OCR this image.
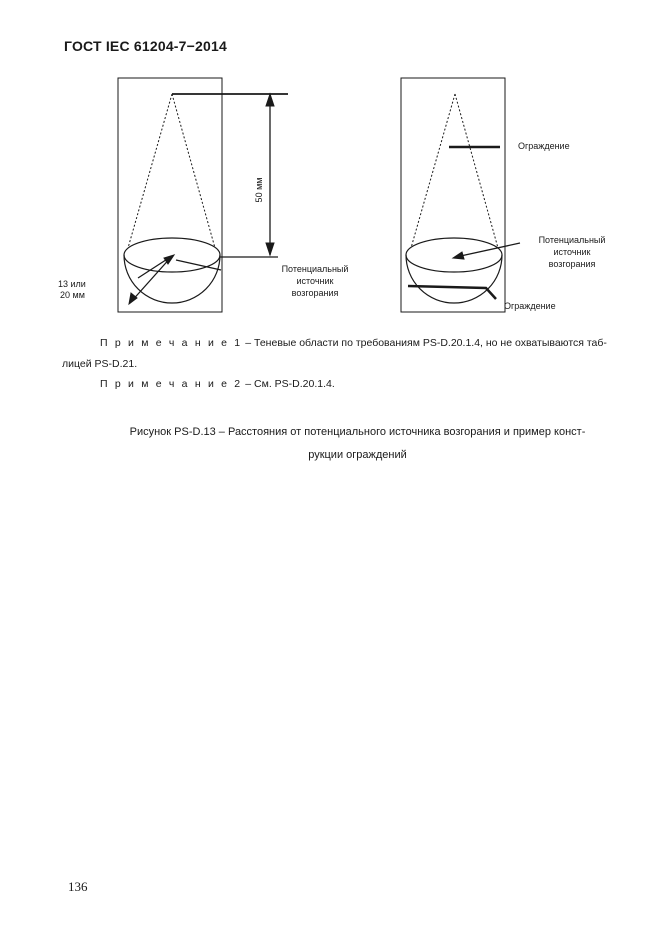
ГОСТ IEC 61204-7−2014
50 мм
13 или
20 мм
Потенциальный
источник
возгорания
Ограждение
Потенциальный
источник
возгорания
Ограждение
П р и м е ч а н и е 1 – Теневые области по требованиям PS-D.20.1.4, но не охватываются таб-
лицей PS-D.21.
П р и м е ч а н и е 2 – См. PS-D.20.1.4.
Рисунок PS-D.13 – Расстояния от потенциального источника возгорания и пример конст-
рукции ограждений
136
